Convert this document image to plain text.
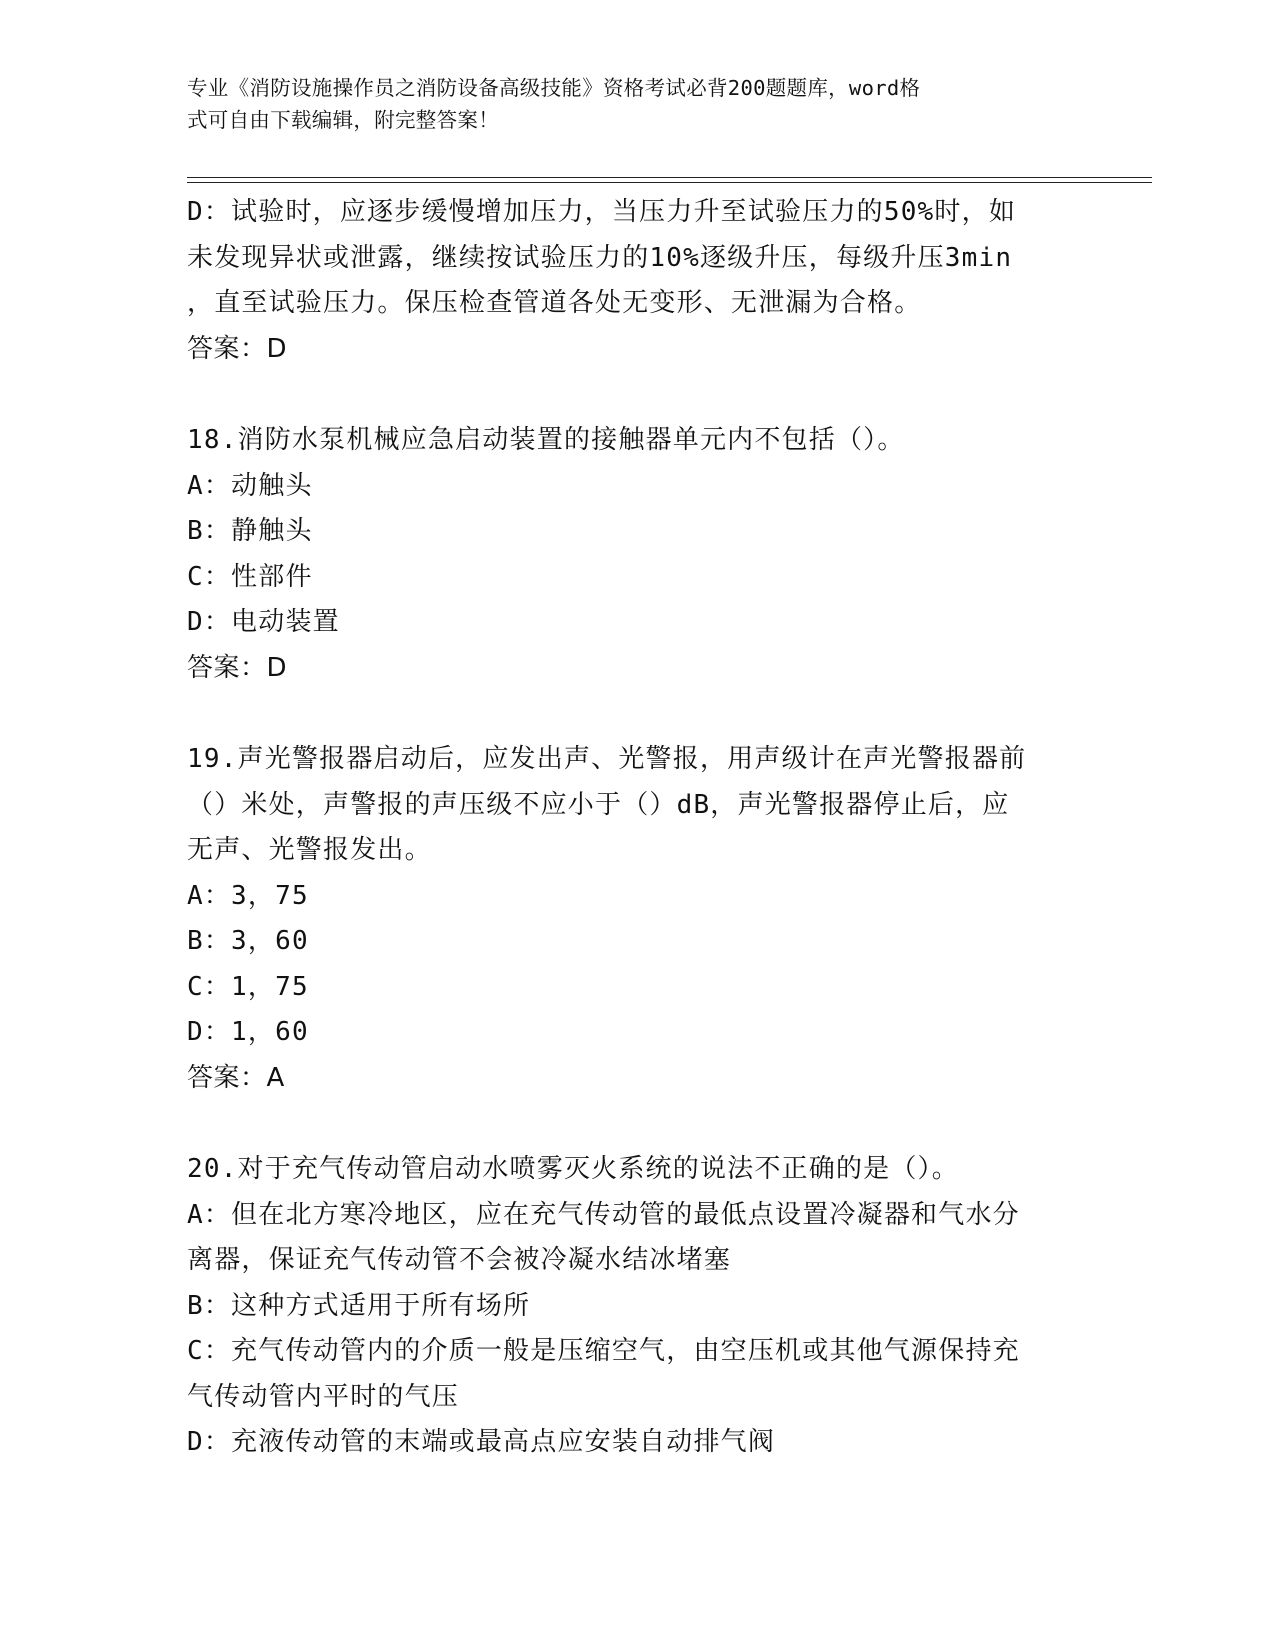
专业《消防设施操作员之消防设备高级技能》资格考试必背200题题库，word格
式可自由下载编辑，附完整答案！
D：试验时，应逐步缓慢增加压力，当压力升至试验压力的50%时，如
未发现异状或泄露，继续按试验压力的10%逐级升压，每级升压3min
，直至试验压力。保压检查管道各处无变形、无泄漏为合格。
答案：D
18.消防水泵机械应急启动装置的接触器单元内不包括（）。
A：动触头
B：静触头
C：性部件
D：电动装置
答案：D
19.声光警报器启动后，应发出声、光警报，用声级计在声光警报器前
（）米处，声警报的声压级不应小于（）dB，声光警报器停止后，应
无声、光警报发出。
A：3，75
B：3，60
C：1，75
D：1，60
答案：A
20.对于充气传动管启动水喷雾灭火系统的说法不正确的是（）。
A：但在北方寒冷地区，应在充气传动管的最低点设置冷凝器和气水分
离器，保证充气传动管不会被冷凝水结冰堵塞
B：这种方式适用于所有场所
C：充气传动管内的介质一般是压缩空气，由空压机或其他气源保持充
气传动管内平时的气压
D：充液传动管的末端或最高点应安装自动排气阀
